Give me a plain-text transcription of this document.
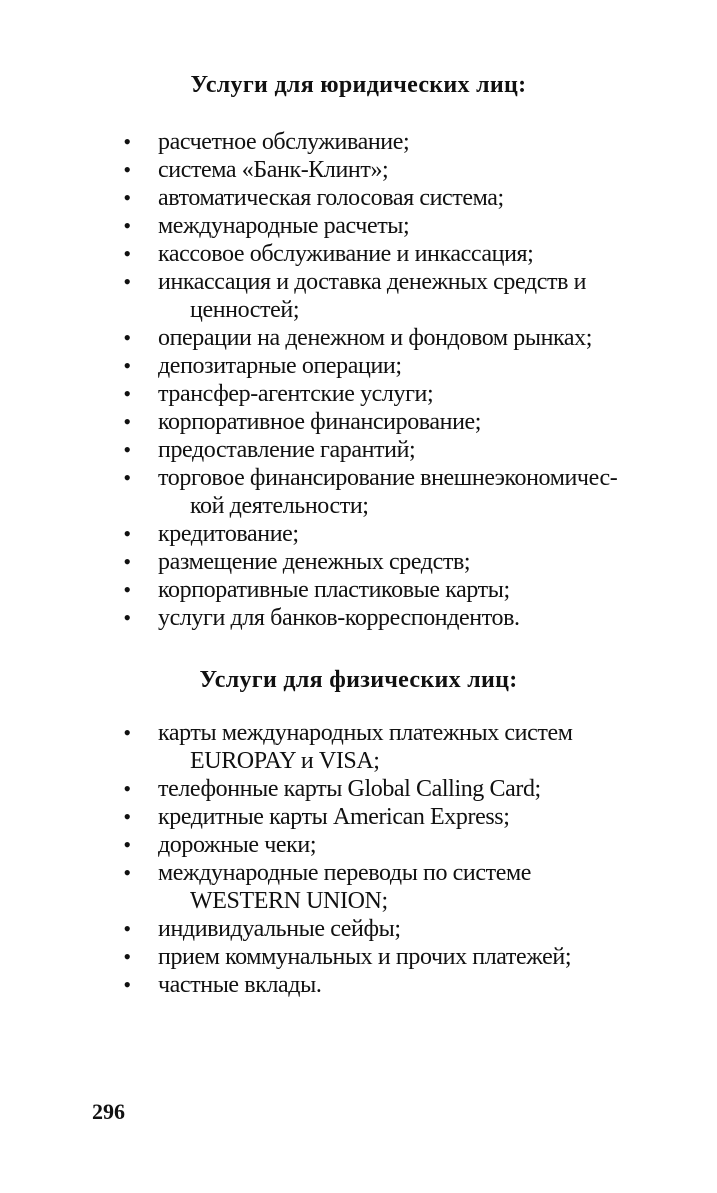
Услуги для юридических лиц:
• расчетное обслуживание;
• система «Банк-Клинт»;
• автоматическая голосовая система;
• международные расчеты;
• кассовое обслуживание и инкассация;
• инкассация и доставка денежных средств и
ценностей;
• операции на денежном и фондовом рынках;
• депозитарные операции;
• трансфер-агентские услуги;
• корпоративное финансирование;
• предоставление гарантий;
• торговое финансирование внешнеэкономичес-
кой деятельности;
• кредитование;
• размещение денежных средств;
• корпоративные пластиковые карты;
• услуги для банков-корреспондентов.
Услуги для физических лиц:
• карты международных платежных систем
EUROPAY и VISA;
• телефонные карты Global Calling Card;
• кредитные карты American Express;
• дорожные чеки;
• международные переводы по системе
WESTERN UNION;
• индивидуальные сейфы;
• прием коммунальных и прочих платежей;
• частные вклады.
296
